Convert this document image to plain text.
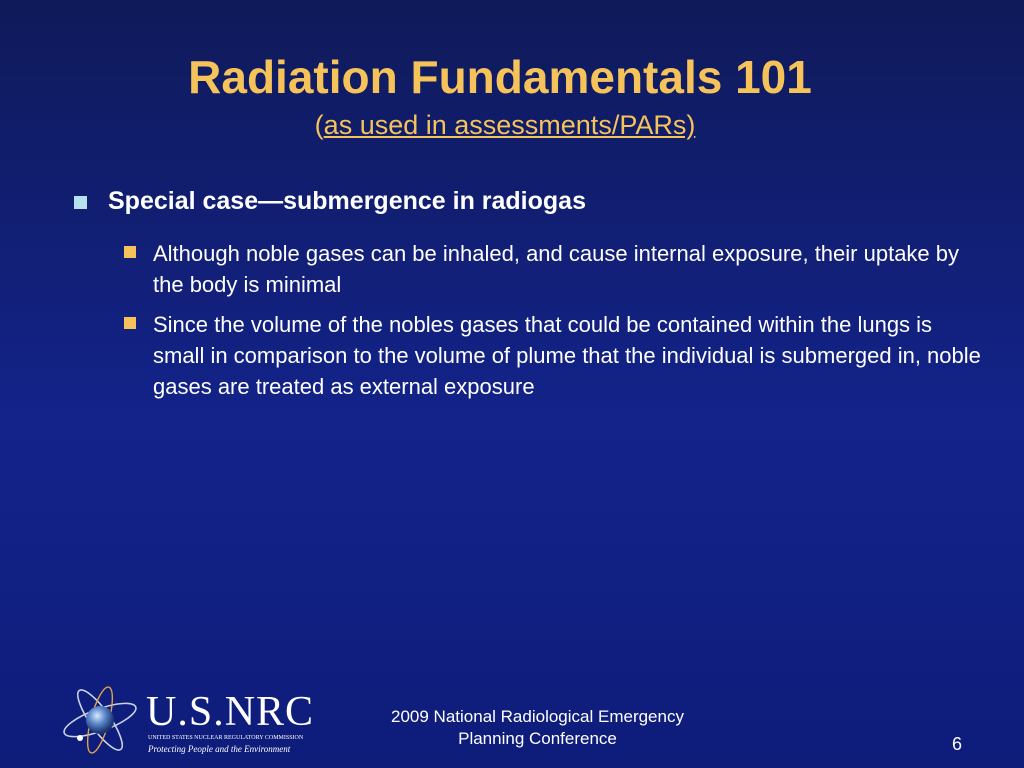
Radiation Fundamentals 101
(as used in assessments/PARs)
Special case—submergence in radiogas
Although noble gases can be inhaled, and cause internal exposure, their uptake by the body is minimal
Since the volume of the nobles gases that could be contained within the lungs is small in comparison to the volume of plume that the individual is submerged in, noble gases are treated as external exposure
U.S.NRC
UNITED STATES NUCLEAR REGULATORY COMMISSION
Protecting People and the Environment
2009 National Radiological Emergency
Planning Conference	6
